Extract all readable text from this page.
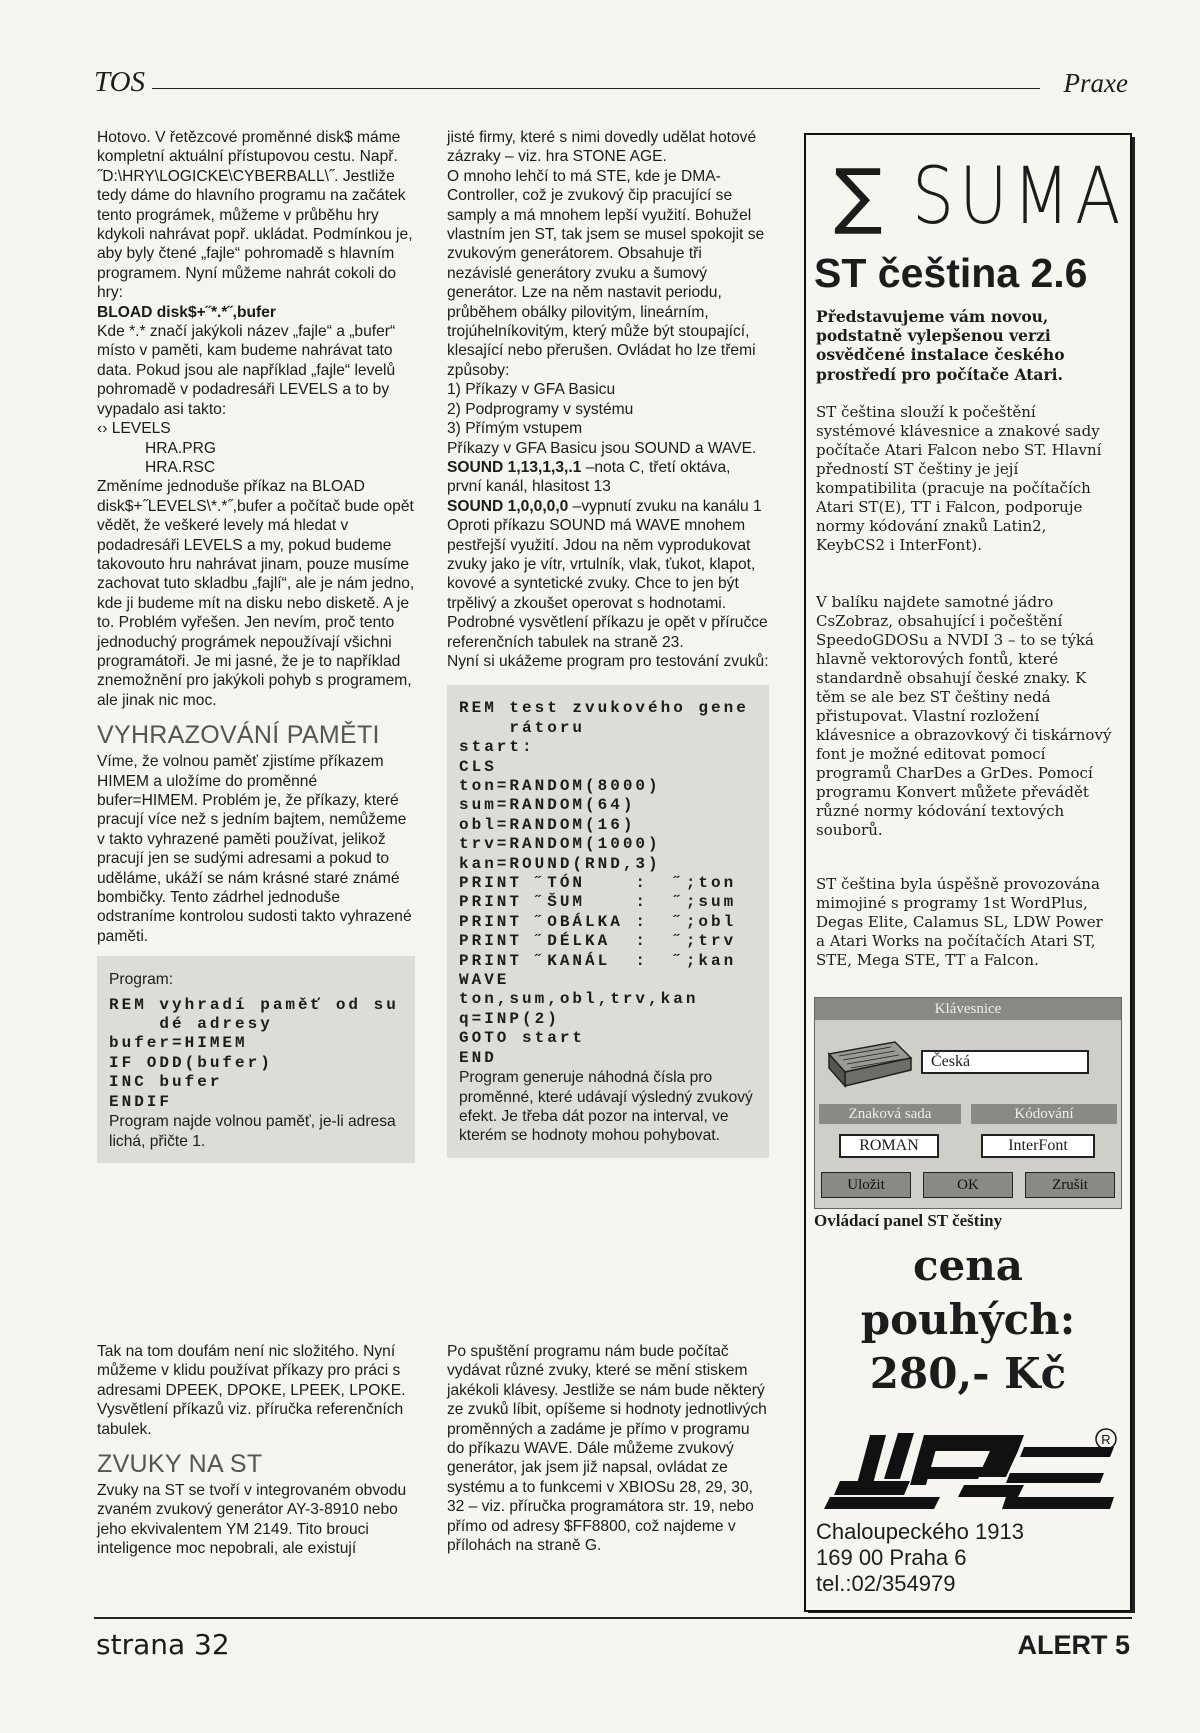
TOS	Praxe

Hotovo. V řetězcové proměnné disk$ máme kompletní aktuální přístupovou cestu. Např. ˝D:\HRY\LOGICKE\CYBERBALL\˝. Jestliže tedy dáme do hlavního programu na začátek tento prográmek, můžeme v průběhu hry kdykoli nahrávat popř. ukládat. Podmínkou je, aby byly čtené „fajle“ pohromadě s hlavním programem. Nyní můžeme nahrát cokoli do hry:

BLOAD disk$+˝*.*˝,bufer

Kde *.* značí jakýkoli název „fajle“ a „bufer“ místo v paměti, kam budeme nahrávat tato data. Pokud jsou ale například „fajle“ levelů pohromadě v podadresáři LEVELS a to by vypadalo asi takto:

‹› LEVELS

HRA.PRG

HRA.RSC

Změníme jednoduše příkaz na BLOAD disk$+˝LEVELS\*.*˝,bufer a počítač bude opět vědět, že veškeré levely má hledat v podadresáři LEVELS a my, pokud budeme takovouto hru nahrávat jinam, pouze musíme zachovat tuto skladbu „fajlí“, ale je nám jedno, kde ji budeme mít na disku nebo disketě. A je to. Problém vyřešen. Jen nevím, proč tento jednoduchý prográmek nepoužívají všichni programátoři. Je mi jasné, že je to například znemožnění pro jakýkoli pohyb s programem, ale jinak nic moc.

VYHRAZOVÁNÍ PAMĚTI

Víme, že volnou paměť zjistíme příkazem HIMEM a uložíme do proměnné bufer=HIMEM. Problém je, že příkazy, které pracují více než s jedním bajtem, nemůžeme v takto vyhrazené paměti používat, jelikož pracují jen se sudými adresami a pokud to uděláme, ukáží se nám krásné staré známé bombičky. Tento zádrhel jednoduše odstraníme kontrolou sudosti takto vyhrazené paměti.

Program:

REM vyhradí paměť od su
dé adresy
bufer=HIMEM
IF ODD(bufer)
INC bufer
ENDIF

Program najde volnou paměť, je-li adresa lichá, přičte 1.

Tak na tom doufám není nic složitého. Nyní můžeme v klidu používat příkazy pro práci s adresami DPEEK, DPOKE, LPEEK, LPOKE. Vysvětlení příkazů viz. příručka referenčních tabulek.

ZVUKY NA ST

Zvuky na ST se tvoří v integrovaném obvodu zvaném zvukový generátor AY-3-8910 nebo jeho ekvivalentem YM 2149. Tito brouci inteligence moc nepobrali, ale existují

jisté firmy, které s nimi dovedly udělat hotové zázraky – viz. hra STONE AGE.

O mnoho lehčí to má STE, kde je DMA-Controller, což je zvukový čip pracující se samply a má mnohem lepší využití. Bohužel vlastním jen ST, tak jsem se musel spokojit se zvukovým generátorem. Obsahuje tři nezávislé generátory zvuku a šumový generátor. Lze na něm nastavit periodu, průběhem obálky pilovitým, lineárním, trojúhelníkovitým, který může být stoupající, klesající nebo přerušen. Ovládat ho lze třemi způsoby:

1) Příkazy v GFA Basicu

2) Podprogramy v systému

3) Přímým vstupem

Příkazy v GFA Basicu jsou SOUND a WAVE.

SOUND 1,13,1,3,.1 –nota C, třetí oktáva, první kanál, hlasitost 13

SOUND 1,0,0,0,0 –vypnutí zvuku na kanálu 1

Oproti příkazu SOUND má WAVE mnohem pestřejší využití. Jdou na něm vyprodukovat zvuky jako je vítr, vrtulník, vlak, ťukot, klapot, kovové a syntetické zvuky. Chce to jen být trpělivý a zkoušet operovat s hodnotami. Podrobné vysvětlení příkazu je opět v příručce referenčních tabulek na straně 23.

Nyní si ukážeme program pro testování zvuků:

REM test zvukového gene
rátoru
start:
CLS
ton=RANDOM(8000)
sum=RANDOM(64)
obl=RANDOM(16)
trv=RANDOM(1000)
kan=ROUND(RND,3)
PRINT ˝TÓN    :  ˝;ton
PRINT ˝ŠUM    :  ˝;sum
PRINT ˝OBÁLKA :  ˝;obl
PRINT ˝DÉLKA  :  ˝;trv
PRINT ˝KANÁL  :  ˝;kan
WAVE
ton,sum,obl,trv,kan
q=INP(2)
GOTO start
END

Program generuje náhodná čísla pro proměnné, které udávají výsledný zvukový efekt. Je třeba dát pozor na interval, ve kterém se hodnoty mohou pohybovat.

Po spuštění programu nám bude počítač vydávat různé zvuky, které se mění stiskem jakékoli klávesy. Jestliže se nám bude některý ze zvuků líbit, opíšeme si hodnoty jednotlivých proměnných a zadáme je přímo v programu do příkazu WAVE. Dále můžeme zvukový generátor, jak jsem již napsal, ovládat ze systému a to funkcemi v XBIOSu 28, 29, 30, 32 – viz. příručka programátora str. 19, nebo přímo od adresy $FF8800, což najdeme v přílohách na straně G.

∑ SUMA
ST čeština 2.6
Představujeme vám novou, podstatně vylepšenou verzi osvědčené instalace českého prostředí pro počítače Atari.
ST čeština slouží k počeštění systémové klávesnice a znakové sady počítače Atari Falcon nebo ST. Hlavní předností ST češtiny je její kompatibilita (pracuje na počítačích Atari ST(E), TT i Falcon, podporuje normy kódování znaků Latin2, KeybCS2 i InterFont).
V balíku najdete samotné jádro CsZobraz, obsahující i počeštění SpeedoGDOSu a NVDI 3 – to se týká hlavně vektorových fontů, které standardně obsahují české znaky. K těm se ale bez ST češtiny nedá přistupovat. Vlastní rozložení klávesnice a obrazovkový či tiskárnový font je možné editovat pomocí programů CharDes a GrDes. Pomocí programu Konvert můžete převádět různé normy kódování textových souborů.
ST čeština byla úspěšně provozována mimojiné s programy 1st WordPlus, Degas Elite, Calamus SL, LDW Power a Atari Works na počítačích Atari ST, STE, Mega STE, TT a Falcon.
Klávesnice
Česká
Znaková sada	Kódování
ROMAN	InterFont
Uložit	OK	Zrušit
Ovládací panel ST češtiny
cena
pouhých:
280,- Kč
R
Chaloupeckého 1913
169 00 Praha 6
tel.:02/354979
strana 32	ALERT 5
